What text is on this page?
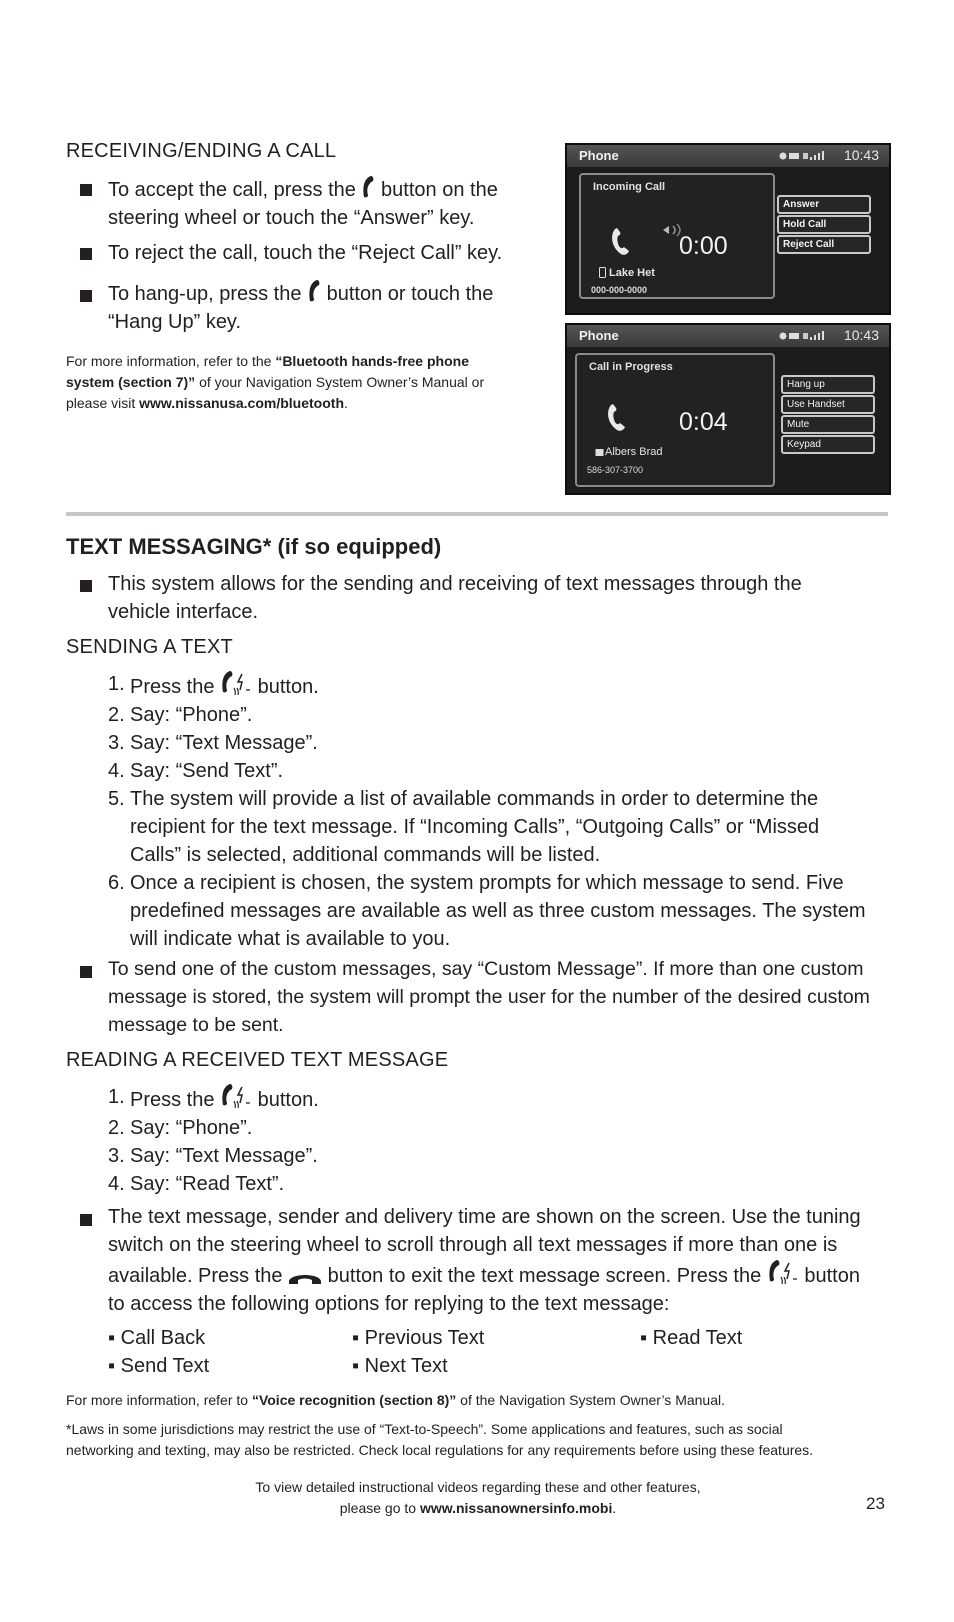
RECEIVING/ENDING A CALL
To accept the call, press the button on the
steering wheel or touch the “Answer” key.
To reject the call, touch the “Reject Call” key.
To hang-up, press the button or touch the
“Hang Up” key.
For more information, refer to the “Bluetooth hands-free phone
system (section 7)” of your Navigation System Owner’s Manual or
please visit www.nissanusa.com/bluetooth.
Phone	10:43
Incoming Call
0:00
Lake Het
000-000-0000
Answer
Hold Call
Reject Call
Phone	10:43
Call in Progress
0:04
Albers Brad
586-307-3700
Hang up
Use Handset
Mute
Keypad
TEXT MESSAGING* (if so equipped)
This system allows for the sending and receiving of text messages through the
vehicle interface.
SENDING A TEXT
1. Press the button.
2. Say: “Phone”.
3. Say: “Text Message”.
4. Say: “Send Text”.
5. The system will provide a list of available commands in order to determine the
recipient for the text message. If “Incoming Calls”, “Outgoing Calls” or “Missed
Calls” is selected, additional commands will be listed.
6. Once a recipient is chosen, the system prompts for which message to send. Five
predefined messages are available as well as three custom messages. The system
will indicate what is available to you.
To send one of the custom messages, say “Custom Message”. If more than one custom
message is stored, the system will prompt the user for the number of the desired custom
message to be sent.
READING A RECEIVED TEXT MESSAGE
1. Press the button.
2. Say: “Phone”.
3. Say: “Text Message”.
4. Say: “Read Text”.
The text message, sender and delivery time are shown on the screen. Use the tuning
switch on the steering wheel to scroll through all text messages if more than one is
available. Press the button to exit the text message screen. Press the button
to access the following options for replying to the text message:
▪ Call Back	▪ Previous Text	▪ Read Text
▪ Send Text	▪ Next Text
For more information, refer to “Voice recognition (section 8)” of the Navigation System Owner’s Manual.
*Laws in some jurisdictions may restrict the use of “Text-to-Speech”. Some applications and features, such as social
networking and texting, may also be restricted. Check local regulations for any requirements before using these features.
To view detailed instructional videos regarding these and other features,
please go to www.nissanownersinfo.mobi.	23
